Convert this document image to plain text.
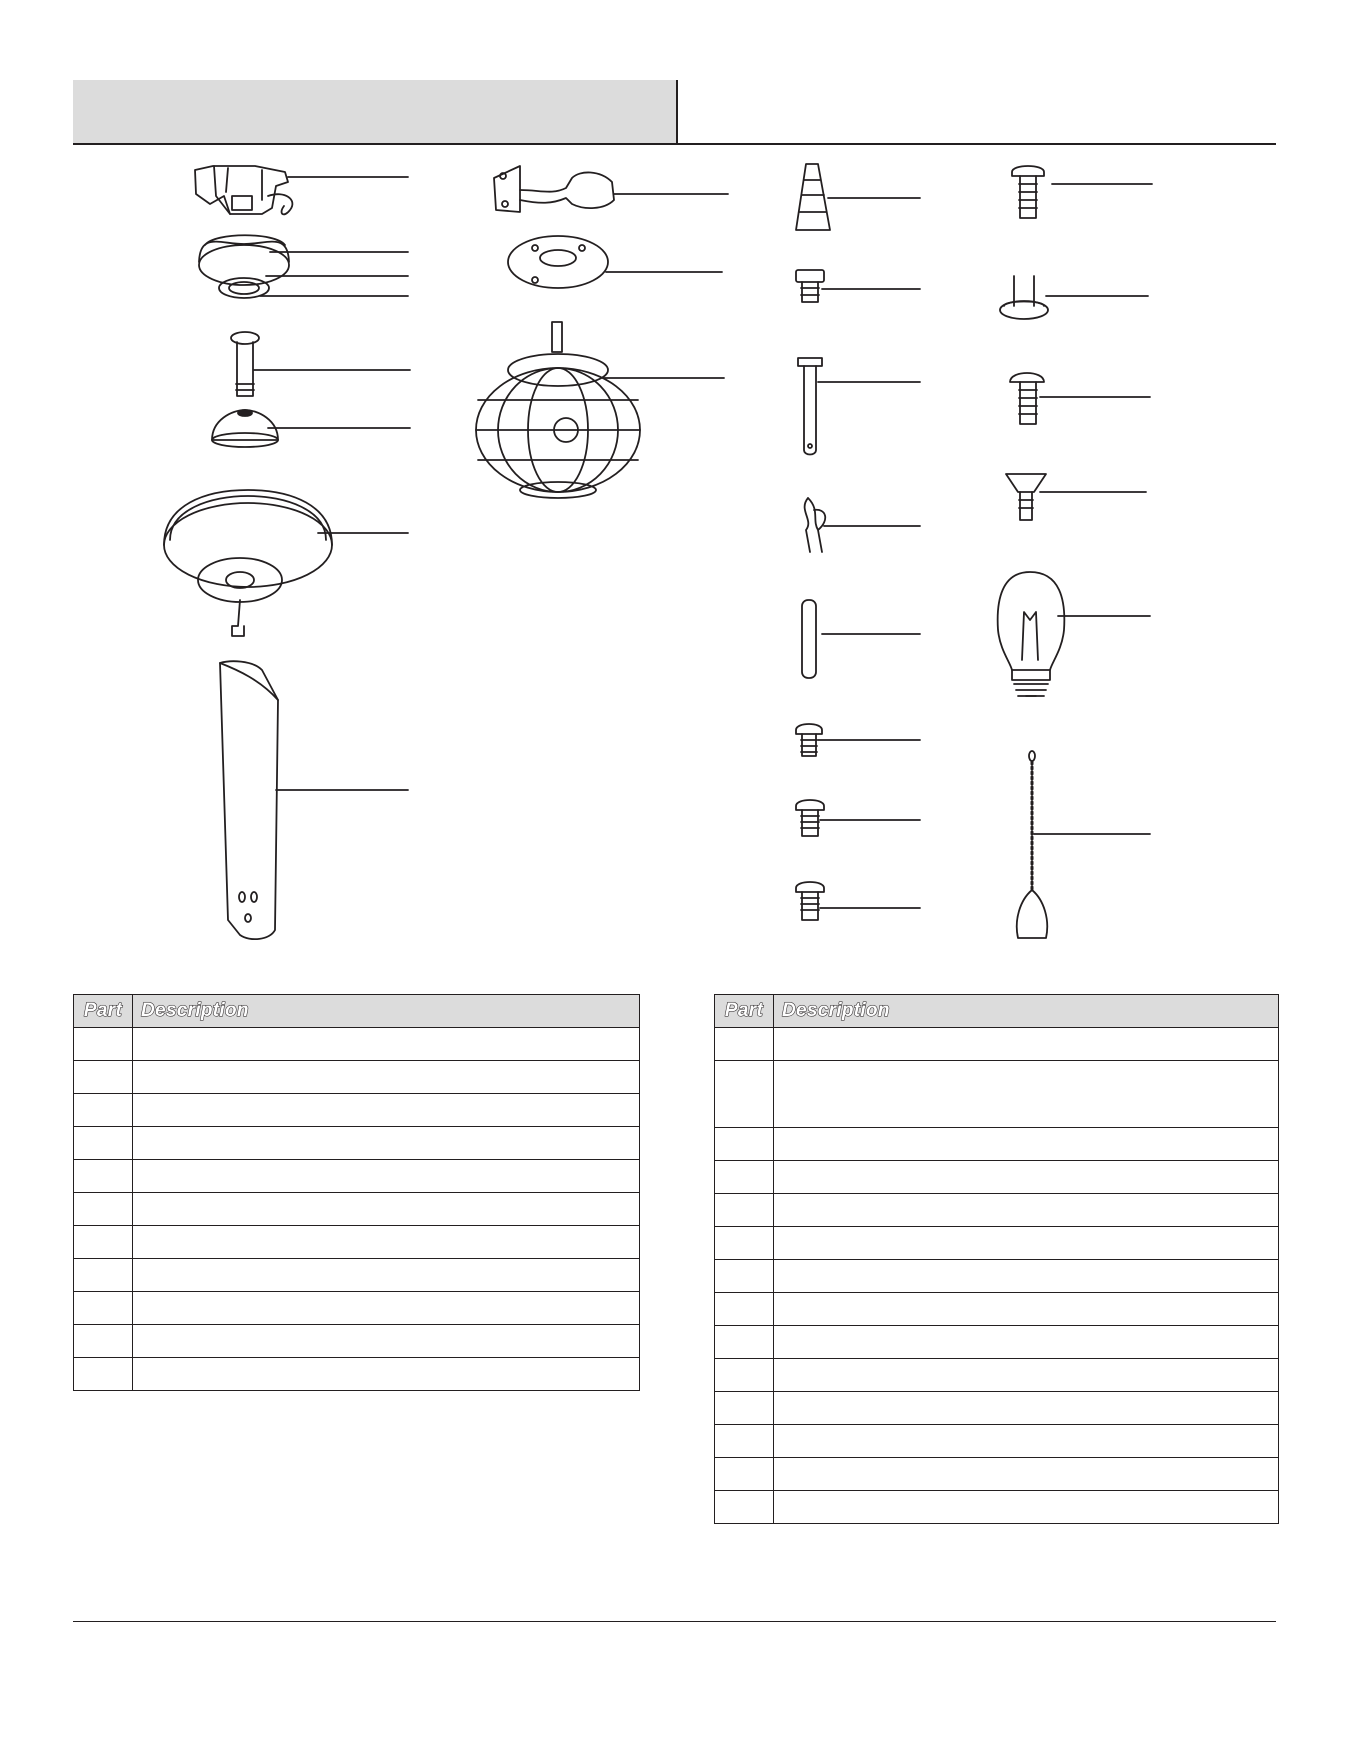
Part	Description

		Part	Description
